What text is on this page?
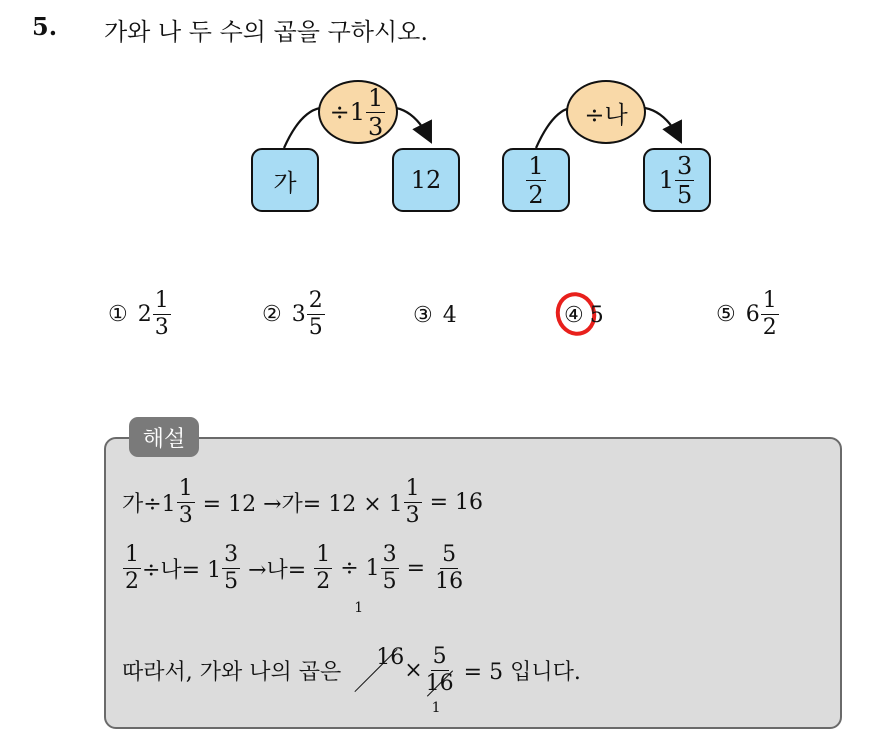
5. 가와 나 두 수의 곱을 구하시오.
$\div 1 \frac{1}{3}$
가	12
÷나
$\frac{1}{2}$	$1 \frac{3}{5}$
① $2 \frac{1}{3}$	② $3 \frac{2}{5}$	③ 4	④ 5	⑤ $6 \frac{1}{2}$
해설
가$\div 1 \frac{1}{3} = 12$ →가= $12 \times 1 \frac{1}{3} = 16$
$\frac{1}{2}$ ÷나= $1 \frac{3}{5}$ →나= $\frac{1}{2} \div 1 \frac{3}{5} = \frac{5}{16}$
따라서, 가와 나의 곱은

16

1

×
5
16
1
= 5 입니다.
